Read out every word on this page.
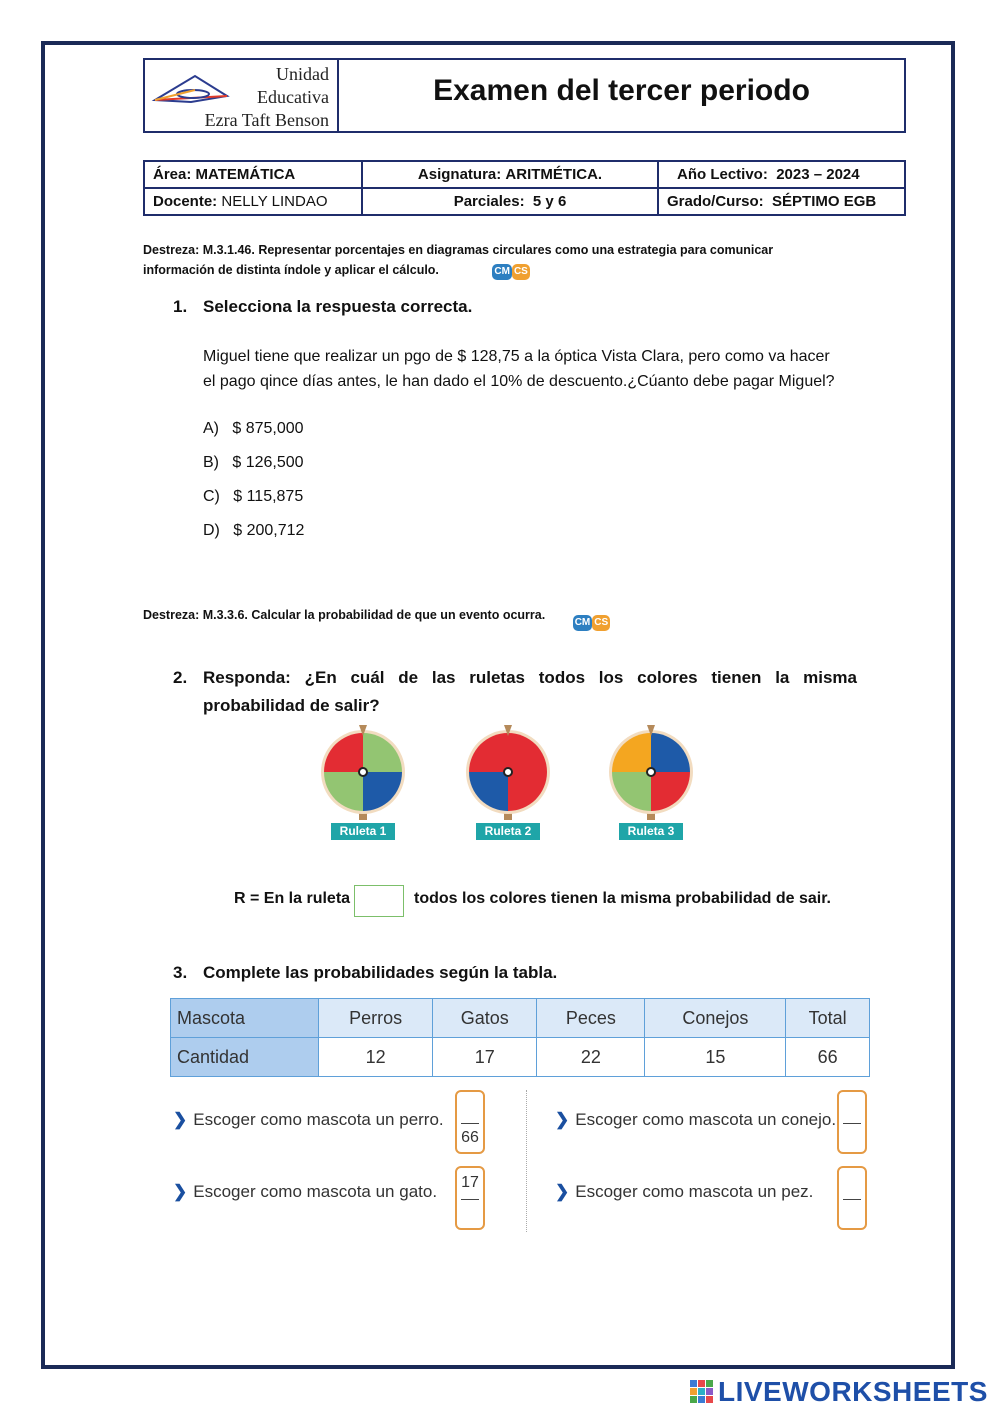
Unidad
Educativa
Ezra Taft Benson
Examen del tercer periodo
Área: MATEMÁTICA	Asignatura: ARITMÉTICA.	Año Lectivo: 2023 – 2024
Docente: NELLY LINDAO	Parciales: 5 y 6	Grado/Curso: SÉPTIMO EGB
Destreza: M.3.1.46. Representar porcentajes en diagramas circulares como una estrategia para comunicar
información de distinta índole y aplicar el cálculo.	CM CS
1. Selecciona la respuesta correcta.
Miguel tiene que realizar un pgo de $ 128,75 a la óptica Vista Clara, pero como va hacer
el pago qince días antes, le han dado el 10% de descuento.¿Cúanto debe pagar Miguel?
A) $ 875,000
B) $ 126,500
C) $ 115,875
D) $ 200,712
Destreza: M.3.3.6. Calcular la probabilidad de que un evento ocurra. CM CS
2. Responda: ¿En cuál de las ruletas todos los colores tienen la misma
probabilidad de salir?
Ruleta 1	Ruleta 2	Ruleta 3
R = En la ruleta	todos los colores tienen la misma probabilidad de sair.
3. Complete las probabilidades según la tabla.
Mascota	Perros	Gatos	Peces	Conejos	Total
Cantidad	12	17	22	15	66
❯ Escoger como mascota un perro.
66
❯ Escoger como mascota un gato. 17
❯ Escoger como mascota un conejo.
❯ Escoger como mascota un pez.
LIVEWORKSHEETS
